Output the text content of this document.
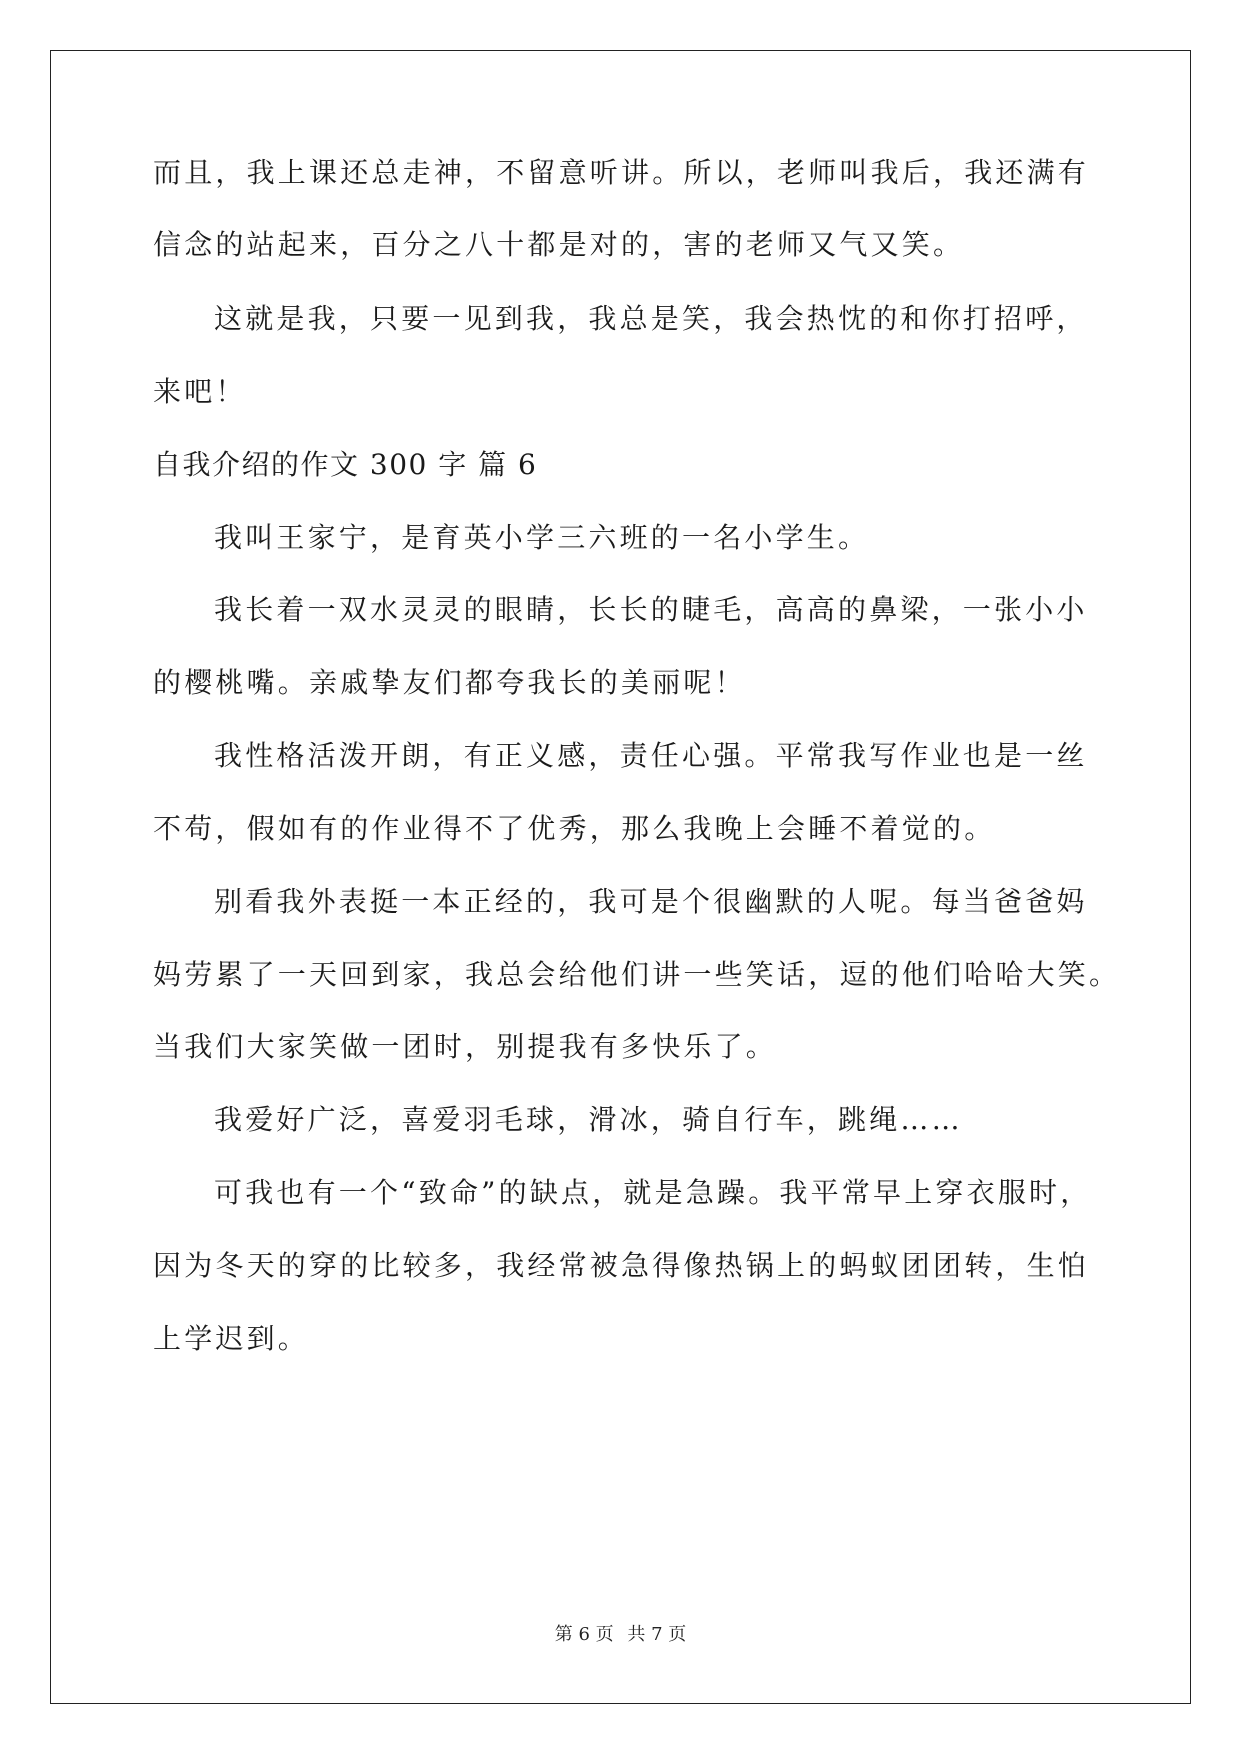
而且，我上课还总走神，不留意听讲。所以，老师叫我后，我还满有
信念的站起来，百分之八十都是对的，害的老师又气又笑。
这就是我，只要一见到我，我总是笑，我会热忱的和你打招呼，
来吧！
自我介绍的作文 300 字 篇 6
我叫王家宁，是育英小学三六班的一名小学生。
我长着一双水灵灵的眼睛，长长的睫毛，高高的鼻梁，一张小小
的樱桃嘴。亲戚挚友们都夸我长的美丽呢！
我性格活泼开朗，有正义感，责任心强。平常我写作业也是一丝
不苟，假如有的作业得不了优秀，那么我晚上会睡不着觉的。
别看我外表挺一本正经的，我可是个很幽默的人呢。每当爸爸妈
妈劳累了一天回到家，我总会给他们讲一些笑话，逗的他们哈哈大笑。
当我们大家笑做一团时，别提我有多快乐了。
我爱好广泛，喜爱羽毛球，滑冰，骑自行车，跳绳……
可我也有一个“致命”的缺点，就是急躁。我平常早上穿衣服时，
因为冬天的穿的比较多，我经常被急得像热锅上的蚂蚁团团转，生怕
上学迟到。
第 6 页 共 7 页
